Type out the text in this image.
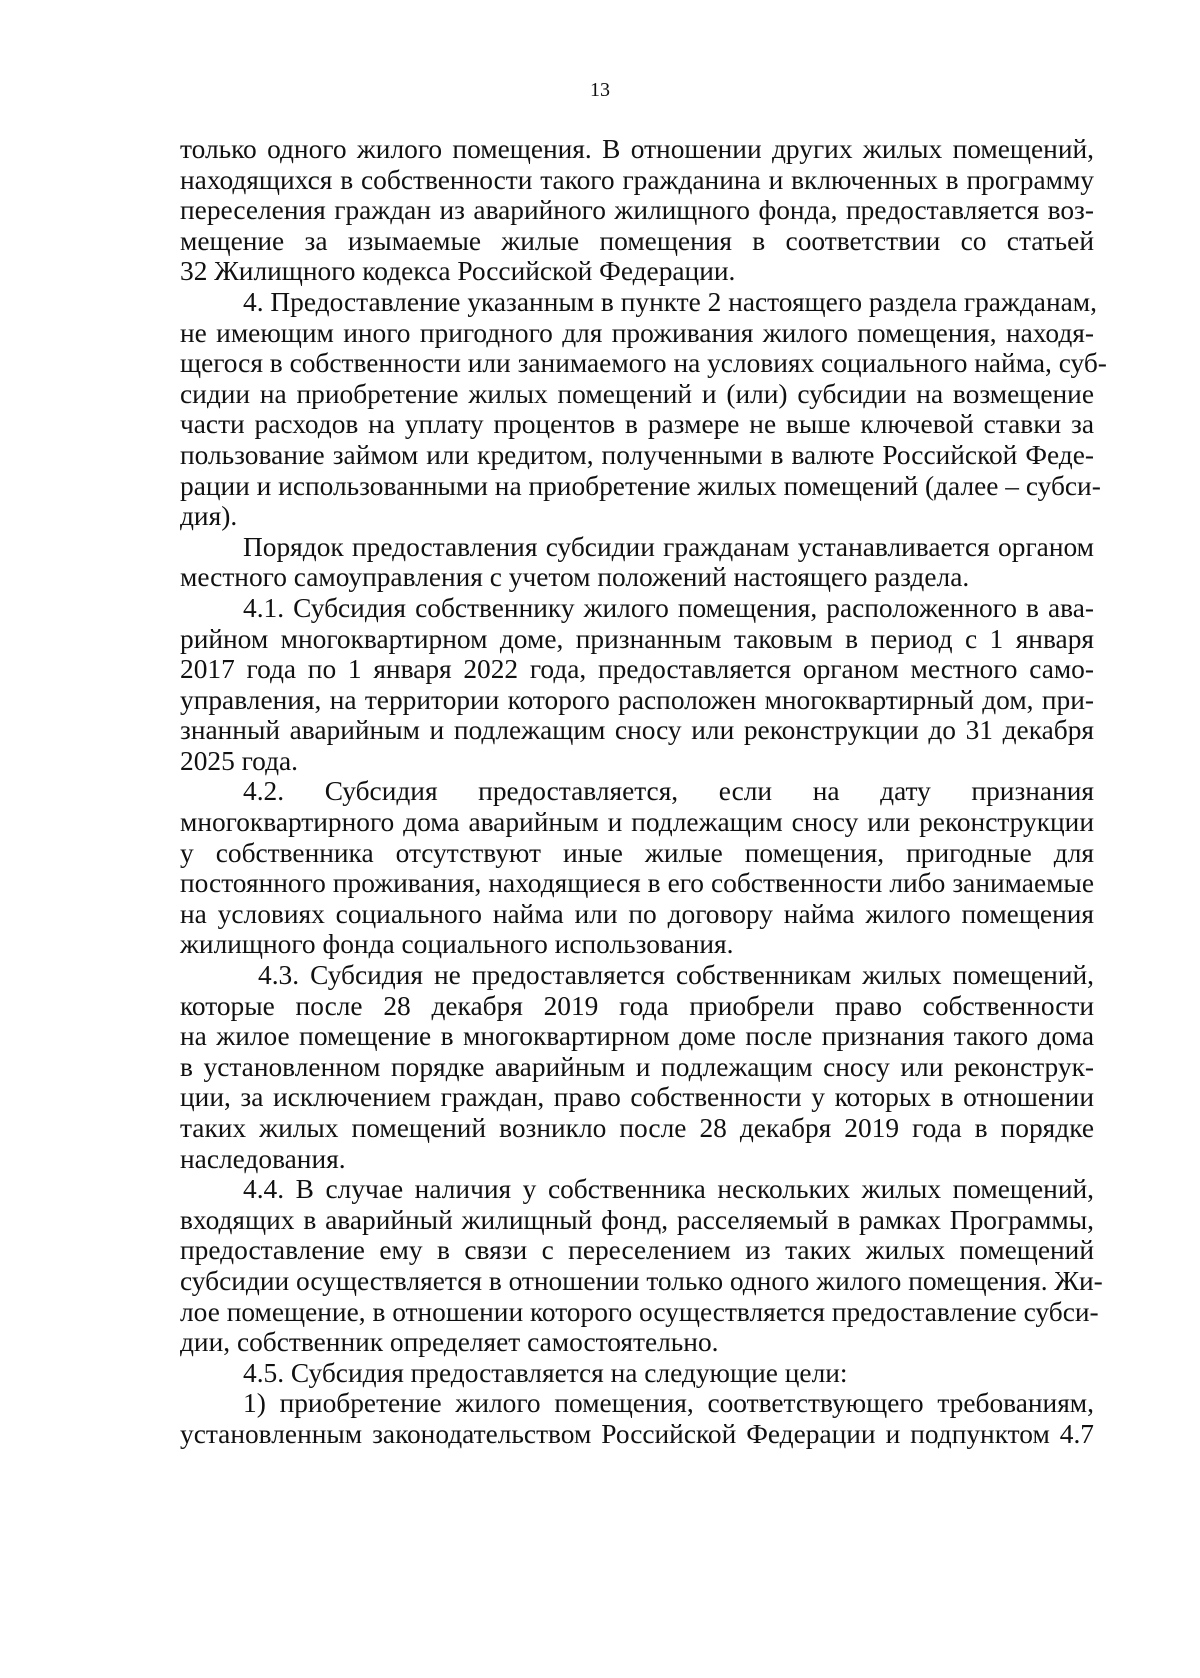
13
только одного жилого помещения. В отношении других жилых помещений,
находящихся в собственности такого гражданина и включенных в программу
переселения граждан из аварийного жилищного фонда, предоставляется воз-
мещение за изымаемые жилые помещения в соответствии со статьей
32 Жилищного кодекса Российской Федерации.
4. Предоставление указанным в пункте 2 настоящего раздела гражданам,
не имеющим иного пригодного для проживания жилого помещения, находя-
щегося в собственности или занимаемого на условиях социального найма, суб-
сидии на приобретение жилых помещений и (или) субсидии на возмещение
части расходов на уплату процентов в размере не выше ключевой ставки за
пользование займом или кредитом, полученными в валюте Российской Феде-
рации и использованными на приобретение жилых помещений (далее – субси-
дия).
Порядок предоставления субсидии гражданам устанавливается органом
местного самоуправления с учетом положений настоящего раздела.
4.1. Субсидия собственнику жилого помещения, расположенного в ава-
рийном многоквартирном доме, признанным таковым в период с 1 января
2017 года по 1 января 2022 года, предоставляется органом местного само-
управления, на территории которого расположен многоквартирный дом, при-
знанный аварийным и подлежащим сносу или реконструкции до 31 декабря
2025 года.
4.2. Субсидия предоставляется, если на дату признания
многоквартирного дома аварийным и подлежащим сносу или реконструкции
у собственника отсутствуют иные жилые помещения, пригодные для
постоянного проживания, находящиеся в его собственности либо занимаемые
на условиях социального найма или по договору найма жилого помещения
жилищного фонда социального использования.
4.3. Субсидия не предоставляется собственникам жилых помещений,
которые после 28 декабря 2019 года приобрели право собственности
на жилое помещение в многоквартирном доме после признания такого дома
в установленном порядке аварийным и подлежащим сносу или реконструк-
ции, за исключением граждан, право собственности у которых в отношении
таких жилых помещений возникло после 28 декабря 2019 года в порядке
наследования.
4.4. В случае наличия у собственника нескольких жилых помещений,
входящих в аварийный жилищный фонд, расселяемый в рамках Программы,
предоставление ему в связи с переселением из таких жилых помещений
субсидии осуществляется в отношении только одного жилого помещения. Жи-
лое помещение, в отношении которого осуществляется предоставление субси-
дии, собственник определяет самостоятельно.
4.5. Субсидия предоставляется на следующие цели:
1) приобретение жилого помещения, соответствующего требованиям,
установленным законодательством Российской Федерации и подпунктом 4.7
